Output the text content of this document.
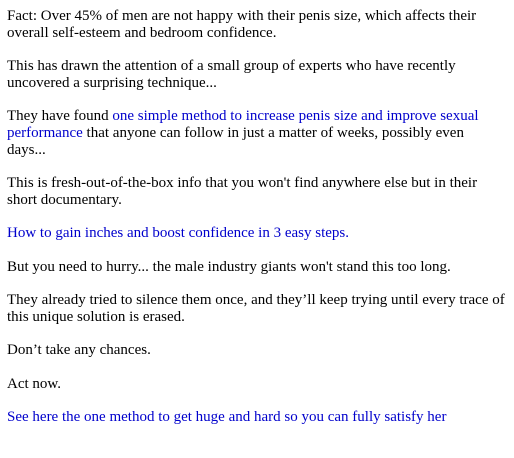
Fact: Over 45% of men are not happy with their penis size, which affects their overall self-esteem and bedroom confidence.

This has drawn the attention of a small group of experts who have recently uncovered a surprising technique...

They have found one simple method to increase penis size and improve sexual performance that anyone can follow in just a matter of weeks, possibly even days...

This is fresh-out-of-the-box info that you won't find anywhere else but in their short documentary.

How to gain inches and boost confidence in 3 easy steps.

But you need to hurry... the male industry giants won't stand this too long.

They already tried to silence them once, and they’ll keep trying until every trace of this unique solution is erased.

Don’t take any chances.

Act now.

See here the one method to get huge and hard so you can fully satisfy her
